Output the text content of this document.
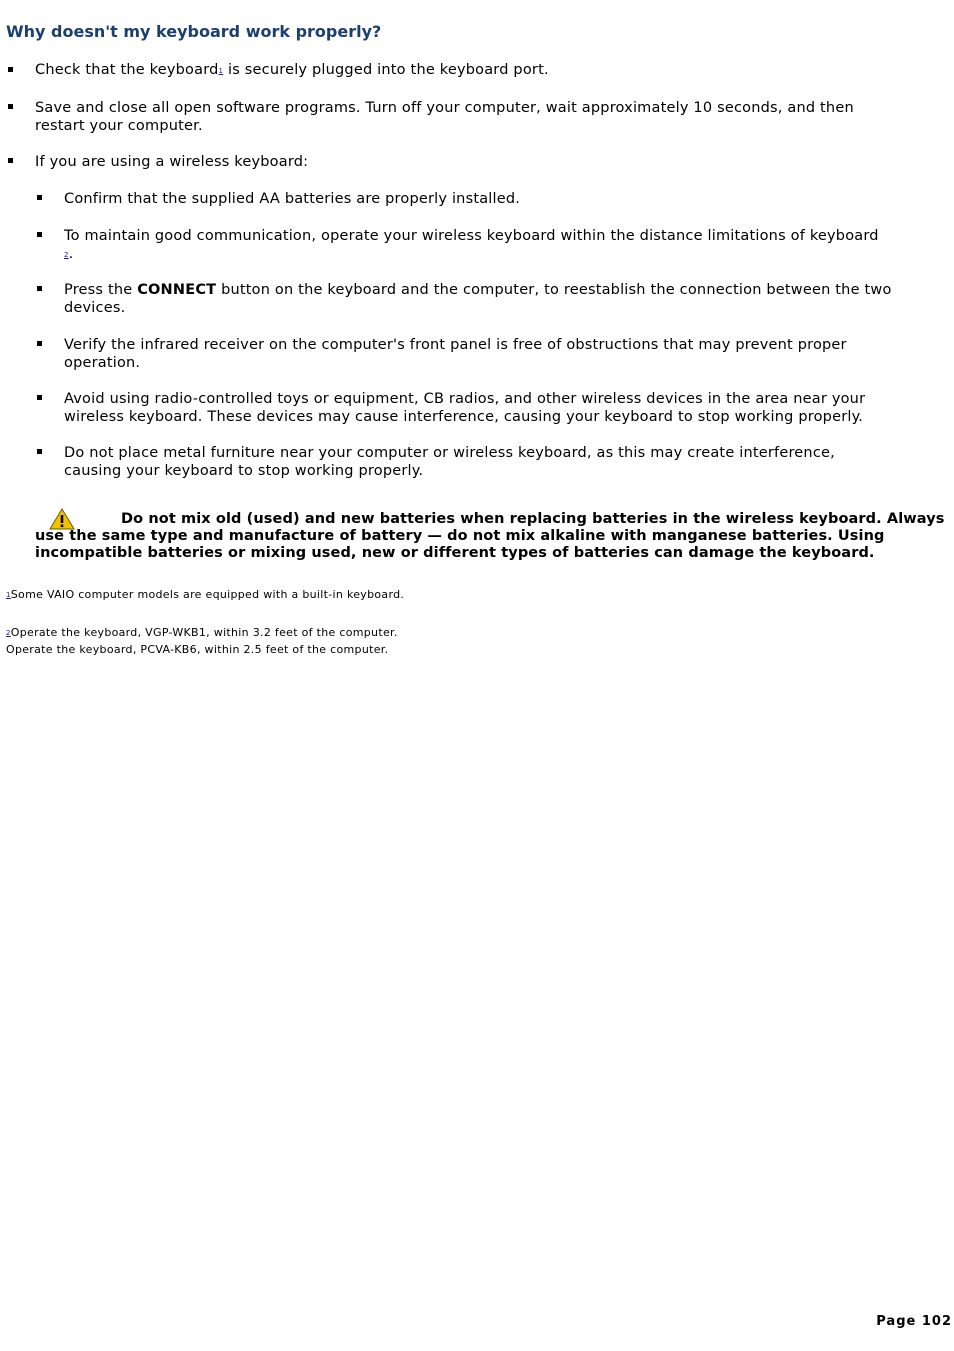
Why doesn't my keyboard work properly?
Check that the keyboard1 is securely plugged into the keyboard port.
Save and close all open software programs. Turn off your computer, wait approximately 10 seconds, and then restart your computer.
If you are using a wireless keyboard:
Confirm that the supplied AA batteries are properly installed.
To maintain good communication, operate your wireless keyboard within the distance limitations of keyboard
2.
Press the CONNECT button on the keyboard and the computer, to reestablish the connection between the two devices.
Verify the infrared receiver on the computer's front panel is free of obstructions that may prevent proper operation.
Avoid using radio-controlled toys or equipment, CB radios, and other wireless devices in the area near your wireless keyboard. These devices may cause interference, causing your keyboard to stop working properly.
Do not place metal furniture near your computer or wireless keyboard, as this may create interference, causing your keyboard to stop working properly.
Do not mix old (used) and new batteries when replacing batteries in the wireless keyboard. Always use the same type and manufacture of battery — do not mix alkaline with manganese batteries. Using incompatible batteries or mixing used, new or different types of batteries can damage the keyboard.
1Some VAIO computer models are equipped with a built-in keyboard.
2Operate the keyboard, VGP-WKB1, within 3.2 feet of the computer.
Operate the keyboard, PCVA-KB6, within 2.5 feet of the computer.
Page 102
